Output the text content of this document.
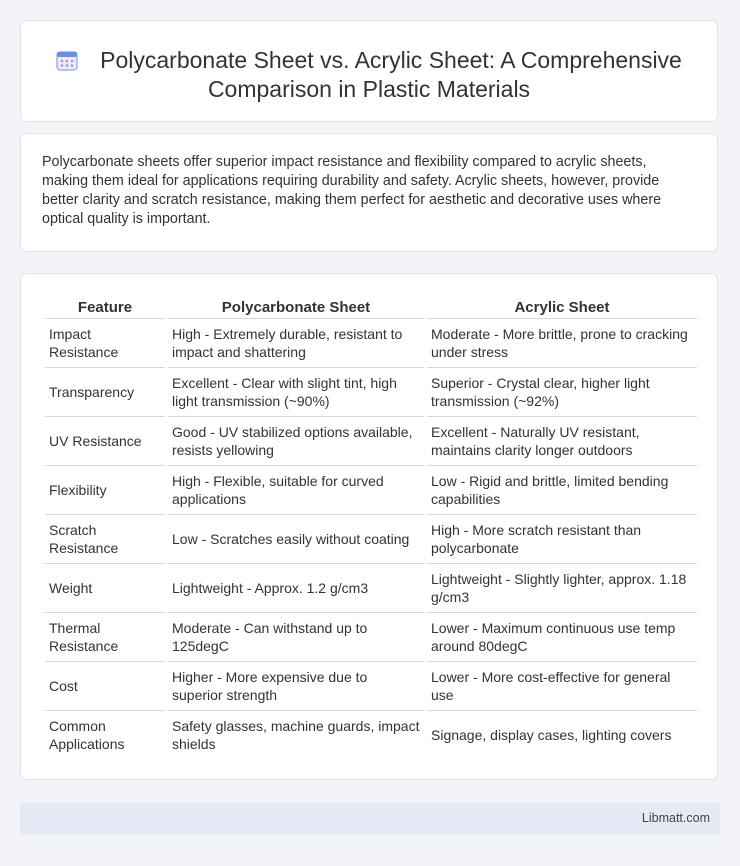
Polycarbonate Sheet vs. Acrylic Sheet: A Comprehensive Comparison in Plastic Materials

Polycarbonate sheets offer superior impact resistance and flexibility compared to acrylic sheets, making them ideal for applications requiring durability and safety. Acrylic sheets, however, provide better clarity and scratch resistance, making them perfect for aesthetic and decorative uses where optical quality is important.

Feature	Polycarbonate Sheet	Acrylic Sheet
Impact Resistance	High - Extremely durable, resistant to impact and shattering	Moderate - More brittle, prone to cracking under stress
Transparency	Excellent - Clear with slight tint, high light transmission (~90%)	Superior - Crystal clear, higher light transmission (~92%)
UV Resistance	Good - UV stabilized options available, resists yellowing	Excellent - Naturally UV resistant, maintains clarity longer outdoors
Flexibility	High - Flexible, suitable for curved applications	Low - Rigid and brittle, limited bending capabilities
Scratch Resistance	Low - Scratches easily without coating	High - More scratch resistant than polycarbonate
Weight	Lightweight - Approx. 1.2 g/cm3	Lightweight - Slightly lighter, approx. 1.18 g/cm3
Thermal Resistance	Moderate - Can withstand up to 125degC	Lower - Maximum continuous use temp around 80degC
Cost	Higher - More expensive due to superior strength	Lower - More cost-effective for general use
Common Applications	Safety glasses, machine guards, impact shields	Signage, display cases, lighting covers
Libmatt.com
